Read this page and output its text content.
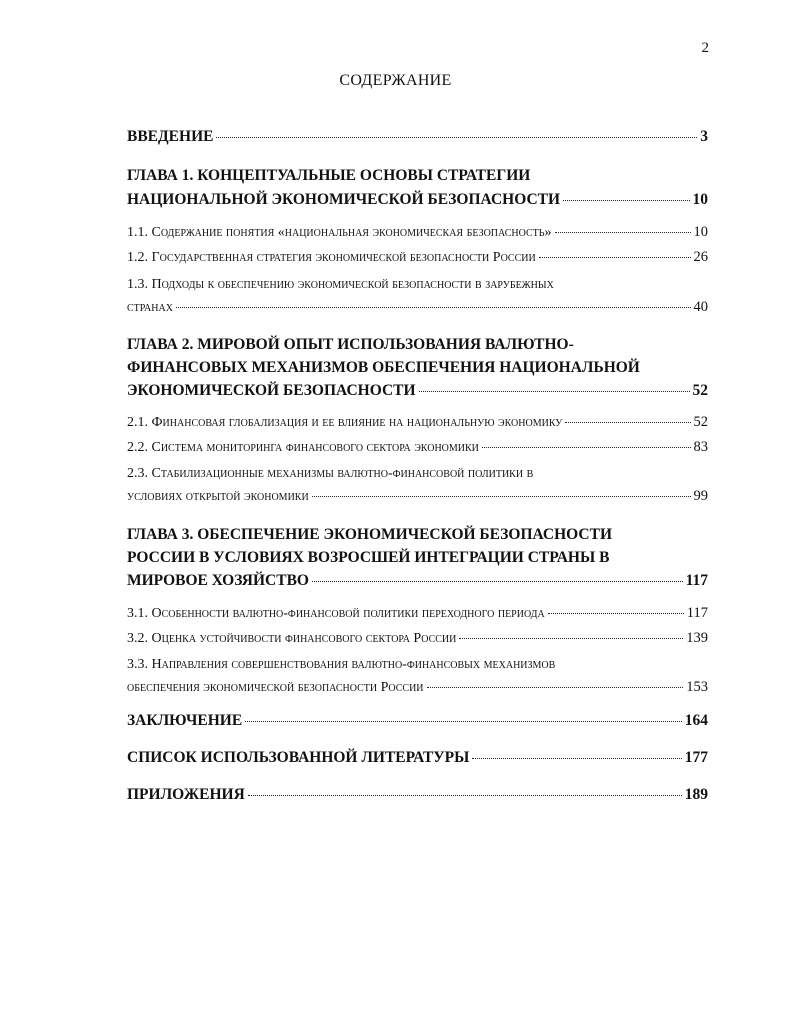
2
СОДЕРЖАНИЕ
ВВЕДЕНИЕ	3
ГЛАВА 1. КОНЦЕПТУАЛЬНЫЕ ОСНОВЫ СТРАТЕГИИ
НАЦИОНАЛЬНОЙ ЭКОНОМИЧЕСКОЙ БЕЗОПАСНОСТИ	10
1.1. Содержание понятия «национальная экономическая безопасность»	10
1.2. Государственная стратегия экономической безопасности России	26
1.3. Подходы к обеспечению экономической безопасности в зарубежных
странах	40
ГЛАВА 2. МИРОВОЙ ОПЫТ ИСПОЛЬЗОВАНИЯ ВАЛЮТНО-
ФИНАНСОВЫХ МЕХАНИЗМОВ ОБЕСПЕЧЕНИЯ НАЦИОНАЛЬНОЙ
ЭКОНОМИЧЕСКОЙ БЕЗОПАСНОСТИ	52
2.1. Финансовая глобализация и ее влияние на национальную экономику	52
2.2. Система мониторинга финансового сектора экономики	83
2.3. Стабилизационные механизмы валютно-финансовой политики в
условиях открытой экономики	99
ГЛАВА 3. ОБЕСПЕЧЕНИЕ ЭКОНОМИЧЕСКОЙ БЕЗОПАСНОСТИ
РОССИИ В УСЛОВИЯХ ВОЗРОСШЕЙ ИНТЕГРАЦИИ СТРАНЫ В
МИРОВОЕ ХОЗЯЙСТВО	117
3.1. Особенности валютно-финансовой политики переходного периода	117
3.2. Оценка устойчивости финансового сектора России	139
3.3. Направления совершенствования валютно-финансовых механизмов
обеспечения экономической безопасности России	153
ЗАКЛЮЧЕНИЕ	164
СПИСОК ИСПОЛЬЗОВАННОЙ ЛИТЕРАТУРЫ	177
ПРИЛОЖЕНИЯ	189
